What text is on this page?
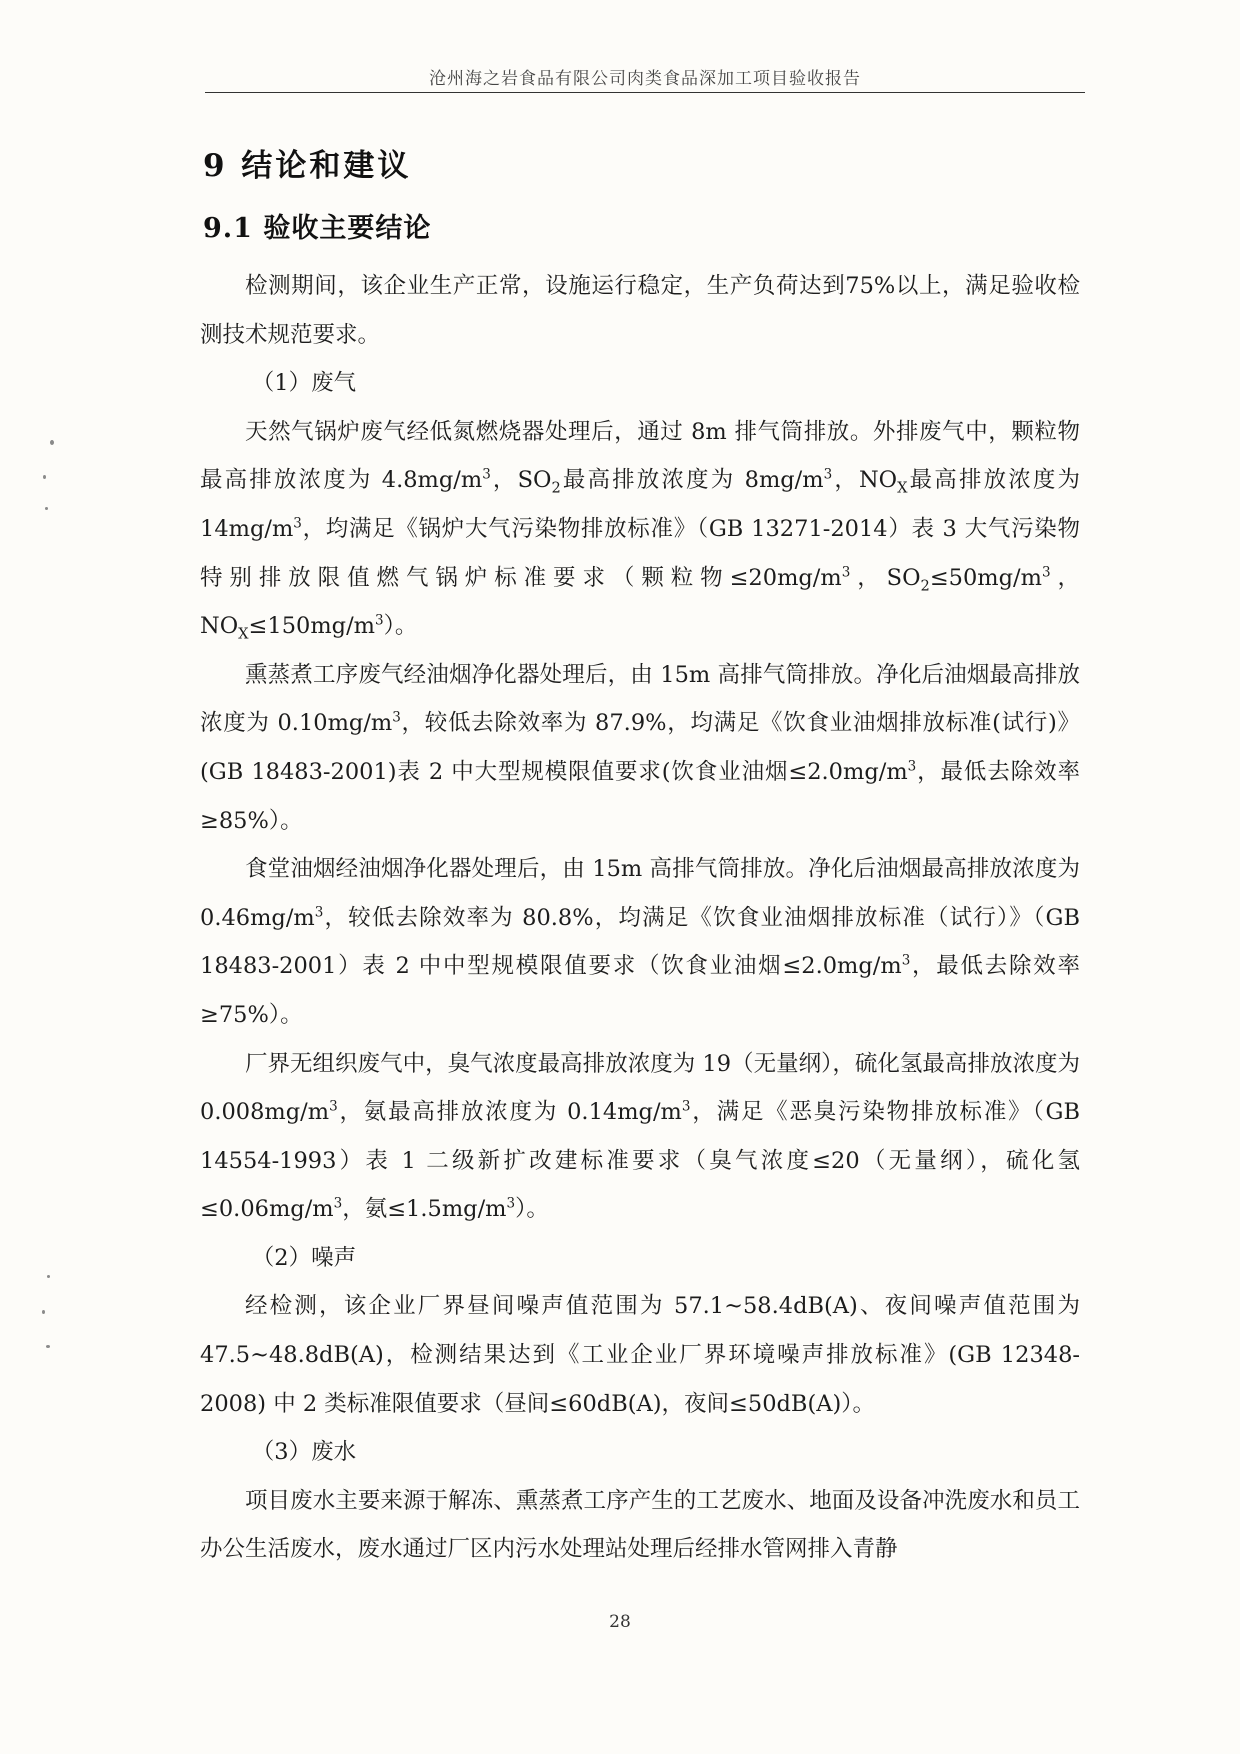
沧州海之岩食品有限公司肉类食品深加工项目验收报告
9 结论和建议
9.1 验收主要结论

检测期间，该企业生产正常，设施运行稳定，生产负荷达到75%以上，满足验收检测技术规范要求。

（1）废气

天然气锅炉废气经低氮燃烧器处理后，通过 8m 排气筒排放。外排废气中，颗粒物最高排放浓度为 $4.8mg/m^3$，$SO_2$最高排放浓度为 $8mg/m^3$，$NO_X$最高排放浓度为 $14mg/m^3$，均满足《锅炉大气污染物排放标准》（GB 13271-2014）表 3 大气污染物特别排放限值燃气锅炉标准要求（颗粒物$\le 20mg/m^3$，$SO_2\le 50mg/m^3$，$NO_X\le 150mg/m^3$）。

熏蒸煮工序废气经油烟净化器处理后，由 15m 高排气筒排放。净化后油烟最高排放浓度为 $0.10mg/m^3$，较低去除效率为 87.9%，均满足《饮食业油烟排放标准(试行)》(GB 18483-2001)表 2 中大型规模限值要求(饮食业油烟$\le 2.0mg/m^3$，最低去除效率≥85%）。

食堂油烟经油烟净化器处理后，由 15m 高排气筒排放。净化后油烟最高排放浓度为 $0.46mg/m^3$，较低去除效率为 80.8%，均满足《饮食业油烟排放标准（试行）》（GB 18483-2001）表 2 中中型规模限值要求（饮食业油烟$\le 2.0mg/m^3$，最低去除效率≥75%）。

厂界无组织废气中，臭气浓度最高排放浓度为 19（无量纲），硫化氢最高排放浓度为 $0.008mg/m^3$，氨最高排放浓度为 $0.14mg/m^3$，满足《恶臭污染物排放标准》（GB 14554-1993）表 1 二级新扩改建标准要求（臭气浓度≤20（无量纲），硫化氢$\le 0.06mg/m^3$，氨$\le 1.5mg/m^3$）。

（2）噪声

经检测，该企业厂界昼间噪声值范围为 57.1~58.4dB(A)、夜间噪声值范围为 47.5~48.8dB(A)，检测结果达到《工业企业厂界环境噪声排放标准》(GB 12348-2008) 中 2 类标准限值要求（昼间≤60dB(A)，夜间≤50dB(A)）。

（3）废水

项目废水主要来源于解冻、熏蒸煮工序产生的工艺废水、地面及设备冲洗废水和员工办公生活废水，废水通过厂区内污水处理站处理后经排水管网排入青静

28
